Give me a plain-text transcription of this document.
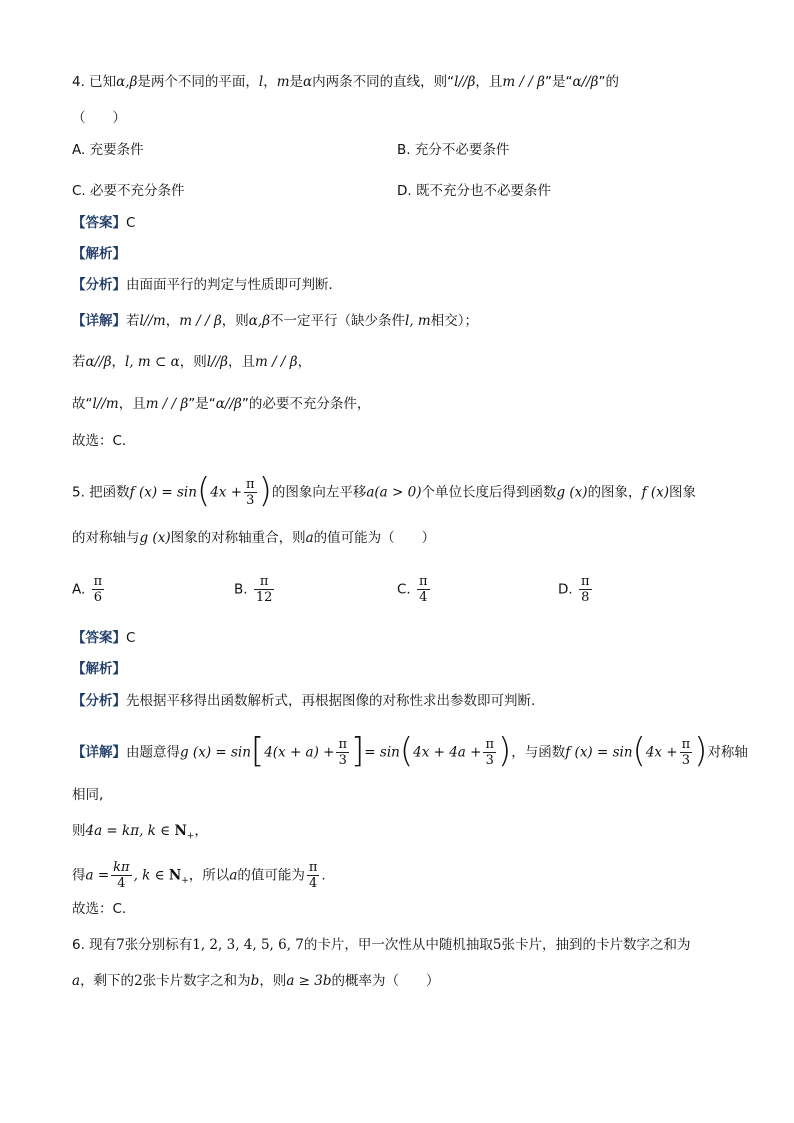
4. 已知α,β是两个不同的平面，l，m是α内两条不同的直线，则“l//β，且m / / β”是“α//β”的
（　　）
A. 充要条件	B. 充分不必要条件
C. 必要不充分条件	D. 既不充分也不必要条件
【答案】C
【解析】
【分析】由面面平行的判定与性质即可判断．
【详解】若l//m，m / / β，则α,β不一定平行（缺少条件l, m相交）；
若α//β，l, m ⊂ α，则l//β，且m / / β，
故“l//m，且m / / β”是“α//β”的必要不充分条件，
故选：C．
5. 把函数f $(x) = \sin(4x + \frac{\pi}{3}$ )的图象向左平移a(a > 0)个单位长度后得到函数g (x)的图象，f (x)图象
的对称轴与g (x)图象的对称轴重合，则a的值可能为（　　）
A. $\frac{\pi}{6}$	B. $\frac{\pi}{12}$	C. $\frac{\pi}{4}$	D. $\frac{\pi}{8}$
【答案】C
【解析】
【分析】先根据平移得出函数解析式，再根据图像的对称性求出参数即可判断.
【详解】由题意得g $(x) = \sin[4(x + a) + \frac{\pi}{3}$ ]= $\sin(4x + 4a + \frac{\pi}{3}$ )，与函数f $(x) = \sin(4x + \frac{\pi}{3}$ )对称轴
相同,
则4a = kπ, k ∈ $N_+$，
得$a = \frac{k\pi}{4}$ , k ∈ $N_+$，所以a的值可能为 $\frac{\pi}{4}$ .
故选：C.
6. 现有7张分别标有1, 2, 3, 4, 5, 6, 7的卡片，甲一次性从中随机抽取5张卡片，抽到的卡片数字之和为
a，剩下的2张卡片数字之和为b，则a ≥ 3b的概率为（　　）
